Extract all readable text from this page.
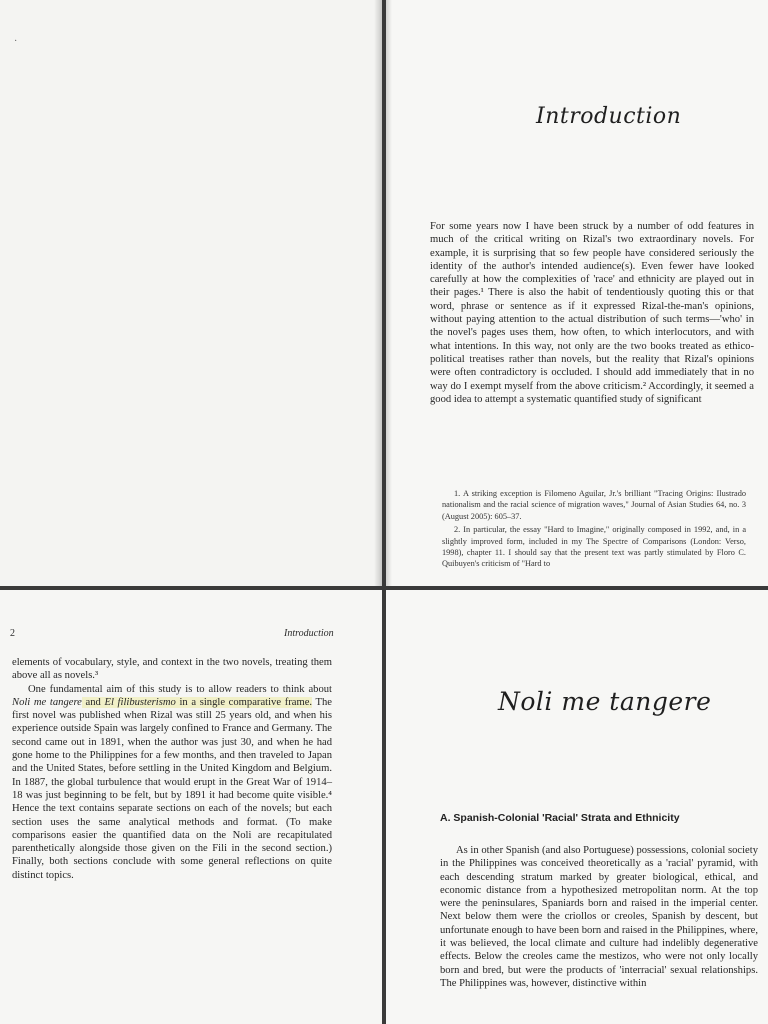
·
Introduction

For some years now I have been struck by a number of odd features in much of the critical writing on Rizal's two extraordinary novels. For example, it is surprising that so few people have considered seriously the identity of the author's intended audience(s). Even fewer have looked carefully at how the complexities of 'race' and ethnicity are played out in their pages.¹ There is also the habit of tendentiously quoting this or that word, phrase or sentence as if it expressed Rizal-the-man's opinions, without paying attention to the actual distribution of such terms—'who' in the novel's pages uses them, how often, to which interlocutors, and with what intentions. In this way, not only are the two books treated as ethico-political treatises rather than novels, but the reality that Rizal's opinions were often contradictory is occluded. I should add immediately that in no way do I exempt myself from the above criticism.² Accordingly, it seemed a good idea to attempt a systematic quantified study of significant

1. A striking exception is Filomeno Aguilar, Jr.'s brilliant "Tracing Origins: Ilustrado nationalism and the racial science of migration waves," Journal of Asian Studies 64, no. 3 (August 2005): 605–37.

2. In particular, the essay "Hard to Imagine," originally composed in 1992, and, in a slightly improved form, included in my The Spectre of Comparisons (London: Verso, 1998), chapter 11. I should say that the present text was partly stimulated by Floro C. Quibuyen's criticism of "Hard to

2	Introduction

elements of vocabulary, style, and context in the two novels, treating them above all as novels.³

One fundamental aim of this study is to allow readers to think about Noli me tangere and El filibusterismo in a single comparative frame. The first novel was published when Rizal was still 25 years old, and when his experience outside Spain was largely confined to France and Germany. The second came out in 1891, when the author was just 30, and when he had gone home to the Philippines for a few months, and then traveled to Japan and the United States, before settling in the United Kingdom and Belgium. In 1887, the global turbulence that would erupt in the Great War of 1914–18 was just beginning to be felt, but by 1891 it had become quite visible.⁴ Hence the text contains separate sections on each of the novels; but each section uses the same analytical methods and format. (To make comparisons easier the quantified data on the Noli are recapitulated parenthetically alongside those given on the Fili in the second section.) Finally, both sections conclude with some general reflections on quite distinct topics.

Noli me tangere
A. Spanish-Colonial 'Racial' Strata and Ethnicity

As in other Spanish (and also Portuguese) possessions, colonial society in the Philippines was conceived theoretically as a 'racial' pyramid, with each descending stratum marked by greater biological, ethical, and economic distance from a hypothesized metropolitan norm. At the top were the peninsulares, Spaniards born and raised in the imperial center. Next below them were the criollos or creoles, Spanish by descent, but unfortunate enough to have been born and raised in the Philippines, where, it was believed, the local climate and culture had indelibly degenerative effects. Below the creoles came the mestizos, who were not only locally born and bred, but were the products of 'interracial' sexual relationships. The Philippines was, however, distinctive within
